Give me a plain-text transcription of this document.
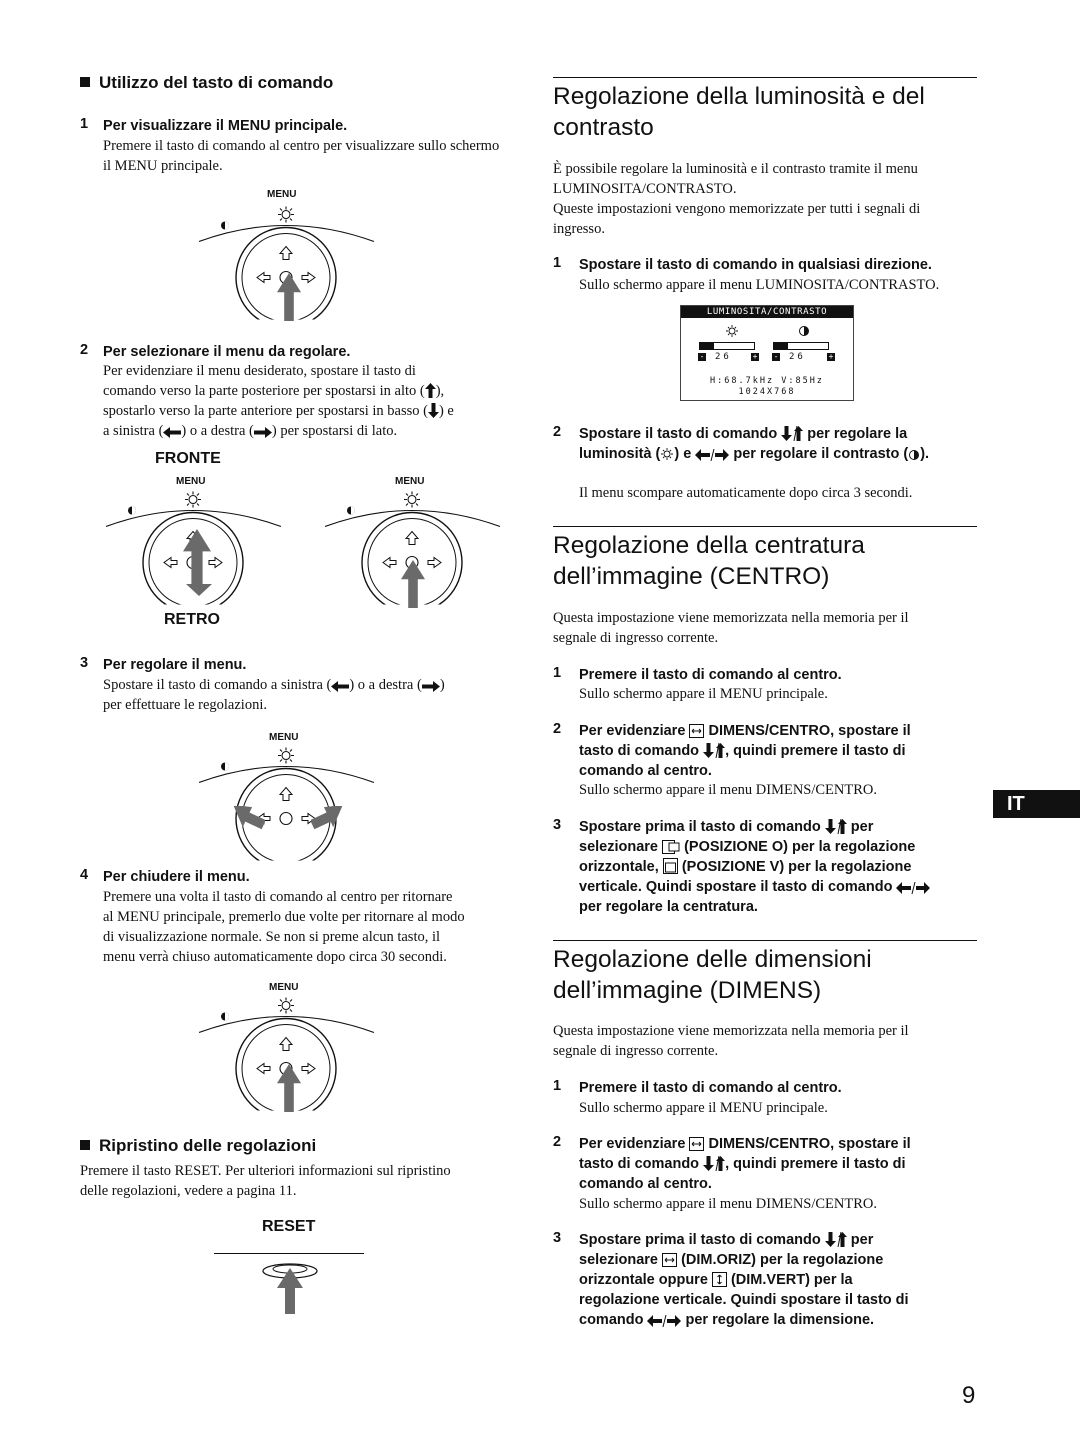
Utilizzo del tasto di comando
1 Per visualizzare il MENU principale.
Premere il tasto di comando al centro per visualizzare sullo schermo il MENU principale.
MENU
2 Per selezionare il menu da regolare.
Per evidenziare il menu desiderato, spostare il tasto di
comando verso la parte posteriore per spostarsi in alto ( ),
spostarlo verso la parte anteriore per spostarsi in basso ( ) e
a sinistra ( ) o a destra ( ) per spostarsi di lato.
FRONTE
MENU	MENU
RETRO
3 Per regolare il menu.
Spostare il tasto di comando a sinistra ( ) o a destra ( )
per effettuare le regolazioni.
MENU
4 Per chiudere il menu.
Premere una volta il tasto di comando al centro per ritornare
al MENU principale, premerlo due volte per ritornare al modo
di visualizzazione normale. Se non si preme alcun tasto, il
menu verrà chiuso automaticamente dopo circa 30 secondi.
MENU
Ripristino delle regolazioni
Premere il tasto RESET. Per ulteriori informazioni sul ripristino
delle regolazioni, vedere a pagina 11.
RESET
Regolazione della luminosità e del
contrasto
È possibile regolare la luminosità e il contrasto tramite il menu
LUMINOSITA/CONTRASTO.
Queste impostazioni vengono memorizzate per tutti i segnali di
ingresso.
1 Spostare il tasto di comando in qualsiasi direzione.
Sullo schermo appare il menu LUMINOSITA/CONTRASTO.
LUMINOSITA/CONTRASTO
- 26	+ - 26	+
H:68.7kHz V:85Hz
1024X768
2 Spostare il tasto di comando per regolare la
luminosità ( ) e	per regolare il contrasto ( ).
Il menu scompare automaticamente dopo circa 3 secondi.
Regolazione della centratura
dell’immagine (CENTRO)
Questa impostazione viene memorizzata nella memoria per il
segnale di ingresso corrente.
1 Premere il tasto di comando al centro.
Sullo schermo appare il MENU principale.
2 Per evidenziare DIMENS/CENTRO, spostare il
tasto di comando , quindi premere il tasto di
comando al centro.
Sullo schermo appare il menu DIMENS/CENTRO.
3 Spostare prima il tasto di comando per
selezionare (POSIZIONE O) per la regolazione
orizzontale, (POSIZIONE V) per la regolazione
verticale. Quindi spostare il tasto di comando
per regolare la centratura.
Regolazione delle dimensioni
dell’immagine (DIMENS)
Questa impostazione viene memorizzata nella memoria per il
segnale di ingresso corrente.
1 Premere il tasto di comando al centro.
Sullo schermo appare il MENU principale.
2 Per evidenziare DIMENS/CENTRO, spostare il
tasto di comando , quindi premere il tasto di
comando al centro.
Sullo schermo appare il menu DIMENS/CENTRO.
3 Spostare prima il tasto di comando per
selezionare (DIM.ORIZ) per la regolazione
orizzontale oppure (DIM.VERT) per la
regolazione verticale. Quindi spostare il tasto di
comando	per regolare la dimensione.
IT
9
